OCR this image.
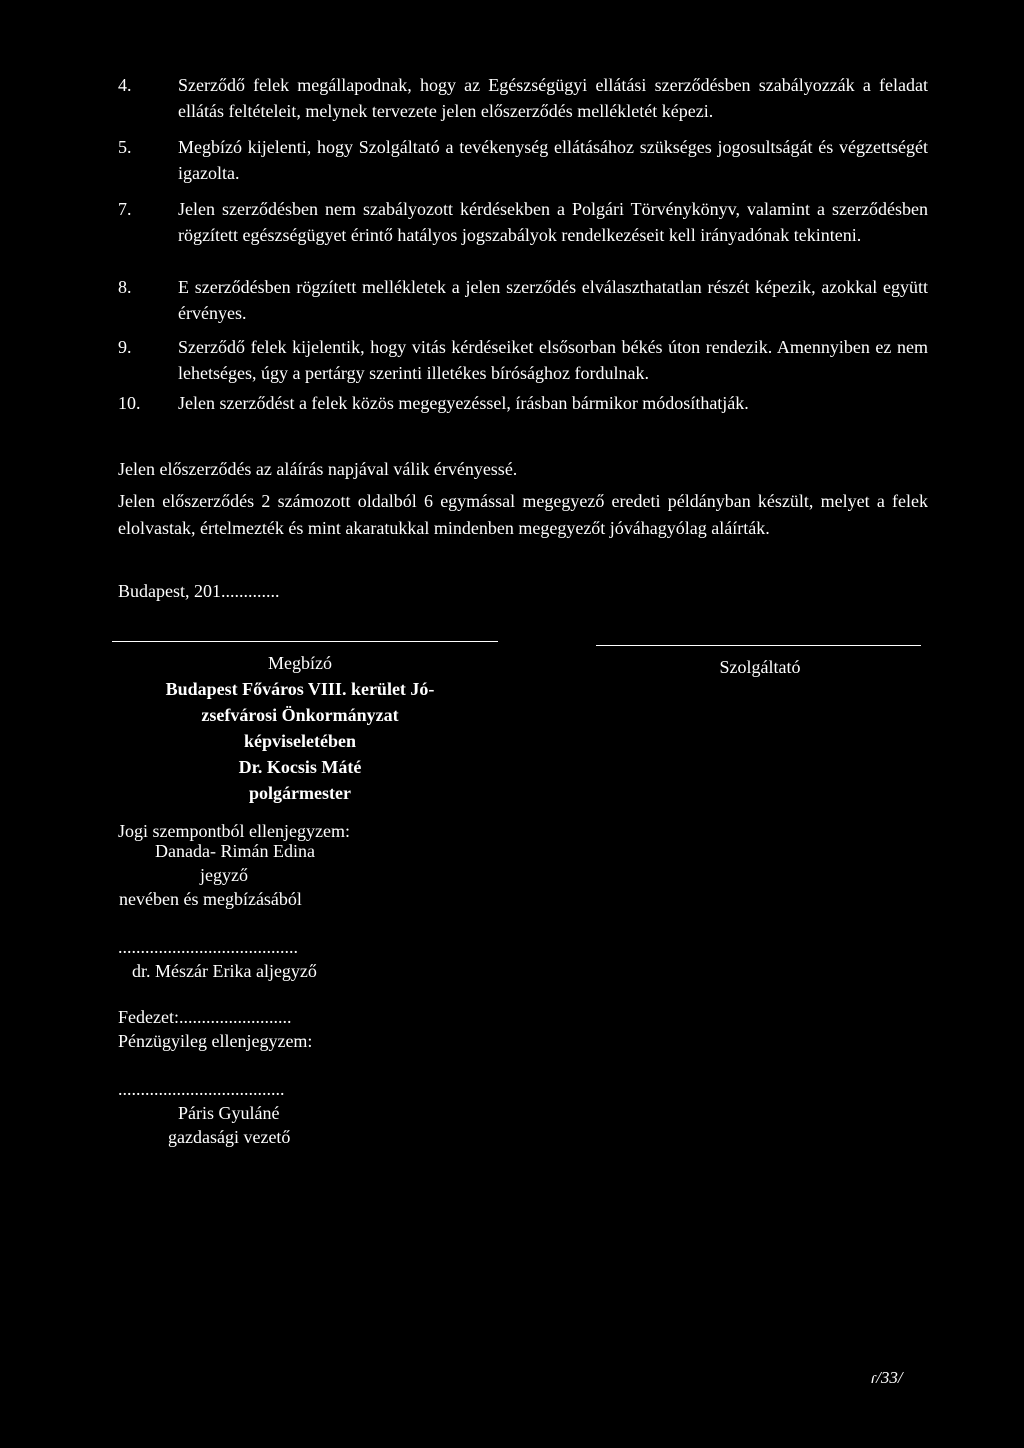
4.	Szerződő felek megállapodnak, hogy az Egészségügyi ellátási szerződésben szabályozzák a feladat ellátás feltételeit, melynek tervezete jelen előszerződés mellékletét képezi.
5.	Megbízó kijelenti, hogy Szolgáltató a tevékenység ellátásához szükséges jogosultságát és végzettségét igazolta.
7.	Jelen szerződésben nem szabályozott kérdésekben a Polgári Törvénykönyv, valamint a szerződésben rögzített egészségügyet érintő hatályos jogszabályok rendelkezéseit kell irányadónak tekinteni.
8.	E szerződésben rögzített mellékletek a jelen szerződés elválaszthatatlan részét képezik, azokkal együtt érvényes.
9.	Szerződő felek kijelentik, hogy vitás kérdéseiket elsősorban békés úton rendezik. Amennyiben ez nem lehetséges, úgy a pertárgy szerinti illetékes bírósághoz fordulnak.
10. Jelen szerződést a felek közös megegyezéssel, írásban bármikor módosíthatják.
Jelen előszerződés az aláírás napjával válik érvényessé.
Jelen előszerződés 2 számozott oldalból 6 egymással megegyező eredeti példányban készült, melyet a felek elolvastak, értelmezték és mint akaratukkal mindenben megegyezőt jóváhagyólag aláírták.
Budapest, 201.............
Megbízó
Budapest Főváros VIII. kerület Jó-
zsefvárosi Önkormányzat
képviseletében
Dr. Kocsis Máté
polgármester
Szolgáltató
Jogi szempontból ellenjegyzem:
Danada- Rimán Edina
jegyző
nevében és megbízásából
........................................
dr. Mészár Erika aljegyző
Fedezet:.........................
Pénzügyileg ellenjegyzem:
.....................................
Páris Gyuláné
gazdasági vezető
ɾ/33/
